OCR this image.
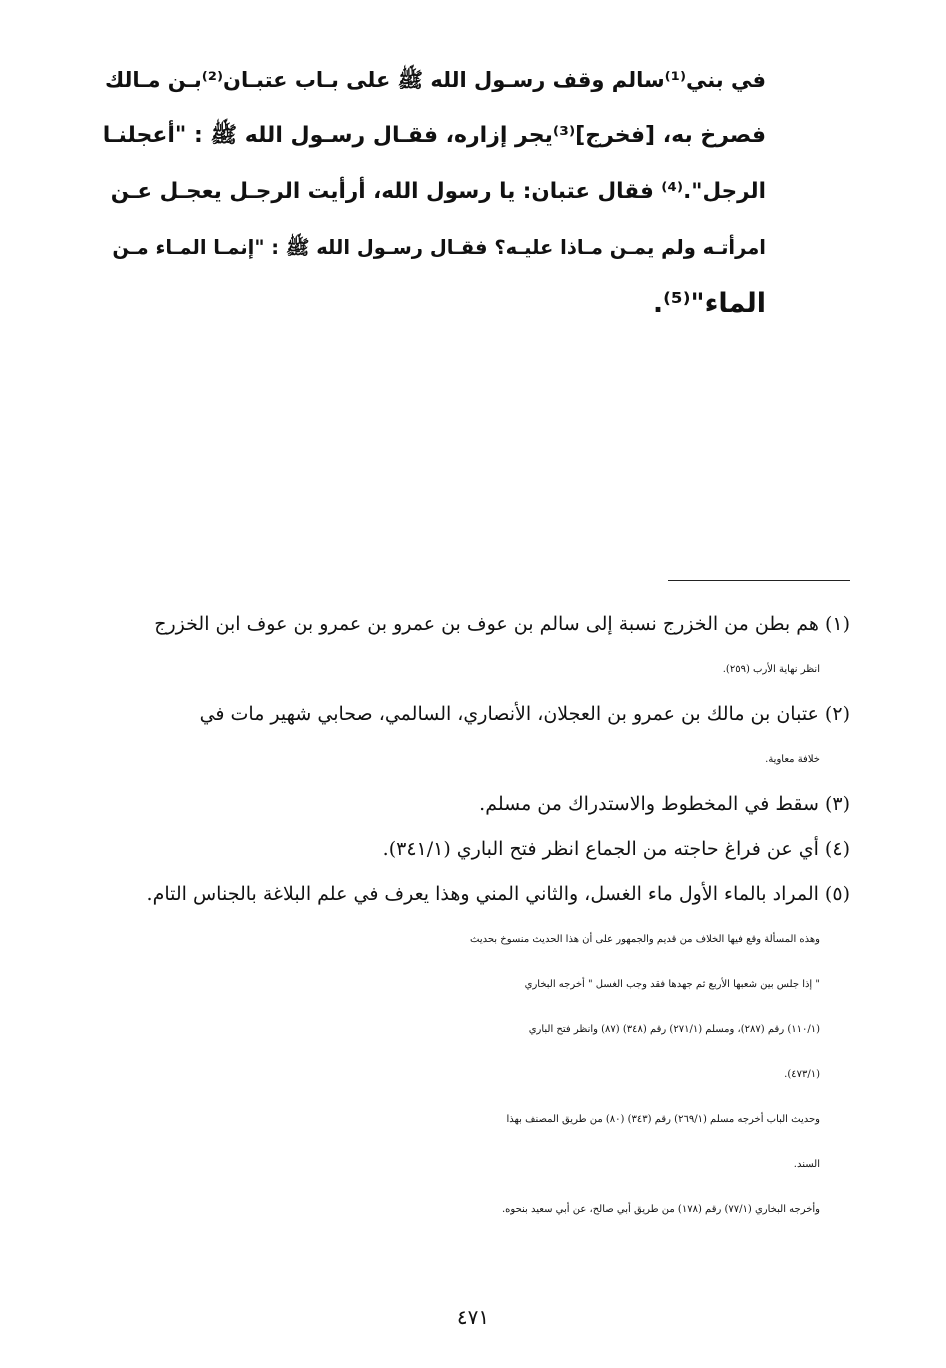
في بني⁽¹⁾سالم وقف رسـول الله ﷺ على بـاب عتبـان⁽²⁾بـن مـالك
فصرخ به، [فخرج]⁽³⁾يجر إزاره، فقـال رسـول الله ﷺ : "أعجلنـا
الرجل".⁽⁴⁾ فقال عتبان: يا رسول الله، أرأيت الرجـل يعجـل عـن
امرأتـه ولم يمـن مـاذا عليـه؟ فقـال رسـول الله ﷺ : "إنمـا المـاء مـن
الماء"⁽⁵⁾.
(١) هم بطن من الخزرج نسبة إلى سالم بن عوف بن عمرو بن عمرو بن عوف ابن الخزرج
انظر نهاية الأرب (٢٥٩).
(٢) عتبان بن مالك بن عمرو بن العجلان، الأنصاري، السالمي، صحابي شهير مات في
خلافة معاوية.
(٣) سقط في المخطوط والاستدراك من مسلم.
(٤) أي عن فراغ حاجته من الجماع انظر فتح الباري (٣٤١/١).
(٥) المراد بالماء الأول ماء الغسل، والثاني المني وهذا يعرف في علم البلاغة بالجناس التام.
وهذه المسألة وقع فيها الخلاف من قديم والجمهور على أن هذا الحديث منسوخ بحديث
" إذا جلس بين شعبها الأربع ثم جهدها فقد وجب الغسل " أخرجه البخاري
(١١٠/١) رقم (٢٨٧)، ومسلم (٢٧١/١) رقم (٣٤٨) (٨٧) وانظر فتح الباري
(٤٧٣/١).
وحديث الباب أخرجه مسلم (٢٦٩/١) رقم (٣٤٣) (٨٠) من طريق المصنف بهذا
السند.
وأخرجه البخاري (٧٧/١) رقم (١٧٨) من طريق أبي صالح، عن أبي سعيد بنحوه.
٤٧١
